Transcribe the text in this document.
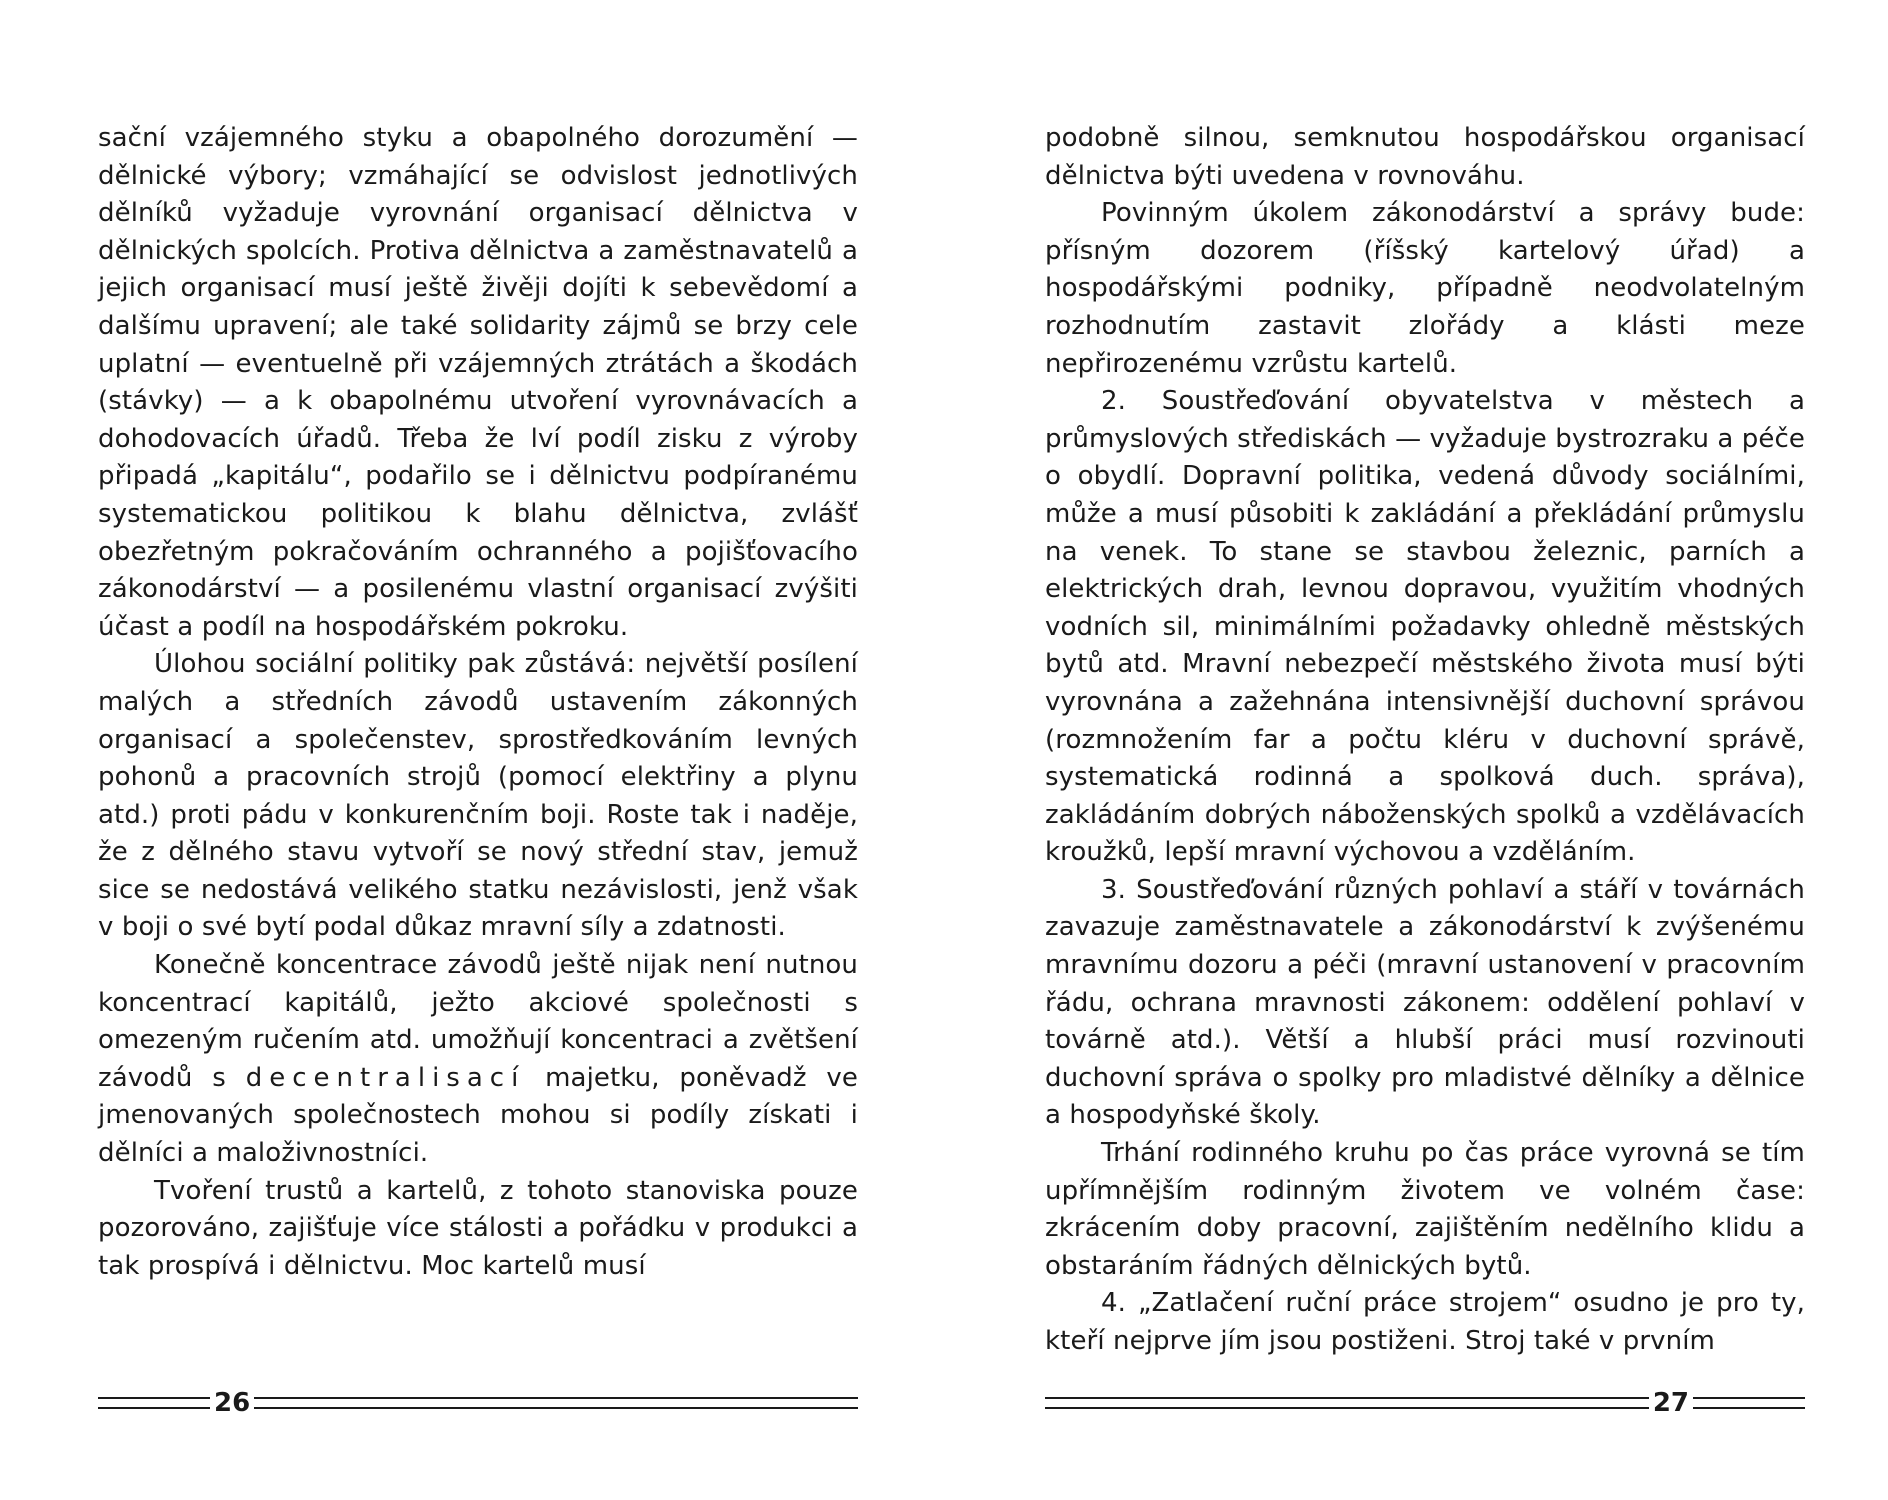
sační vzájemného styku a obapolného dorozumění — dělnické výbory; vzmáhající se odvislost jednotlivých dělníků vyžaduje vyrovnání organisací dělnictva v dělnických spolcích. Protiva dělnictva a zaměstnavatelů a jejich organisací musí ještě živěji dojíti k sebevědomí a dalšímu upravení; ale také solidarity zájmů se brzy cele uplatní — eventuelně při vzájemných ztrátách a škodách (stávky) — a k obapolnému utvoření vyrovnávacích a dohodovacích úřadů. Třeba že lví podíl zisku z výroby připadá „kapitálu“, podařilo se i dělnictvu podpíranému systematickou politikou k blahu dělnictva, zvlášť obezřetným pokračováním ochranného a pojišťovacího zákonodárství — a posilenému vlastní organisací zvýšiti účast a podíl na hospodářském pokroku.

Úlohou sociální politiky pak zůstává: největší posílení malých a středních závodů ustavením zákonných organisací a společenstev, sprostředkováním levných pohonů a pracovních strojů (pomocí elektřiny a plynu atd.) proti pádu v konkurenčním boji. Roste tak i naděje, že z dělného stavu vytvoří se nový střední stav, jemuž sice se nedostává velikého statku nezávislosti, jenž však v boji o své bytí podal důkaz mravní síly a zdatnosti.

Konečně koncentrace závodů ještě nijak není nutnou koncentrací kapitálů, ježto akciové společnosti s omezeným ručením atd. umožňují koncentraci a zvětšení závodů s decentralisací majetku, poněvadž ve jmenovaných společnostech mohou si podíly získati i dělníci a maloživnostníci.

Tvoření trustů a kartelů, z tohoto stanoviska pouze pozorováno, zajišťuje více stálosti a pořádku v produkci a tak prospívá i dělnictvu. Moc kartelů musí

26

podobně silnou, semknutou hospodářskou organisací dělnictva býti uvedena v rovnováhu.

Povinným úkolem zákonodárství a správy bude: přísným dozorem (říšský kartelový úřad) a hospodářskými podniky, případně neodvolatelným rozhodnutím zastavit zlořády a klásti meze nepřirozenému vzrůstu kartelů.

2. Soustřeďování obyvatelstva v městech a průmyslových střediskách — vyžaduje bystrozraku a péče o obydlí. Dopravní politika, vedená důvody sociálními, může a musí působiti k zakládání a překládání průmyslu na venek. To stane se stavbou železnic, parních a elektrických drah, levnou dopravou, využitím vhodných vodních sil, minimálními požadavky ohledně městských bytů atd. Mravní nebezpečí městského života musí býti vyrovnána a zažehnána intensivnější duchovní správou (rozmnožením far a počtu kléru v duchovní správě, systematická rodinná a spolková duch. správa), zakládáním dobrých náboženských spolků a vzdělávacích kroužků, lepší mravní výchovou a vzděláním.

3. Soustřeďování různých pohlaví a stáří v továrnách zavazuje zaměstnavatele a zákonodárství k zvýšenému mravnímu dozoru a péči (mravní ustanovení v pracovním řádu, ochrana mravnosti zákonem: oddělení pohlaví v továrně atd.). Větší a hlubší práci musí rozvinouti duchovní správa o spolky pro mladistvé dělníky a dělnice a hospodyňské školy.

Trhání rodinného kruhu po čas práce vyrovná se tím upřímnějším rodinným životem ve volném čase: zkrácením doby pracovní, zajištěním nedělního klidu a obstaráním řádných dělnických bytů.

4. „Zatlačení ruční práce strojem“ osudno je pro ty, kteří nejprve jím jsou postiženi. Stroj také v prvním

27
